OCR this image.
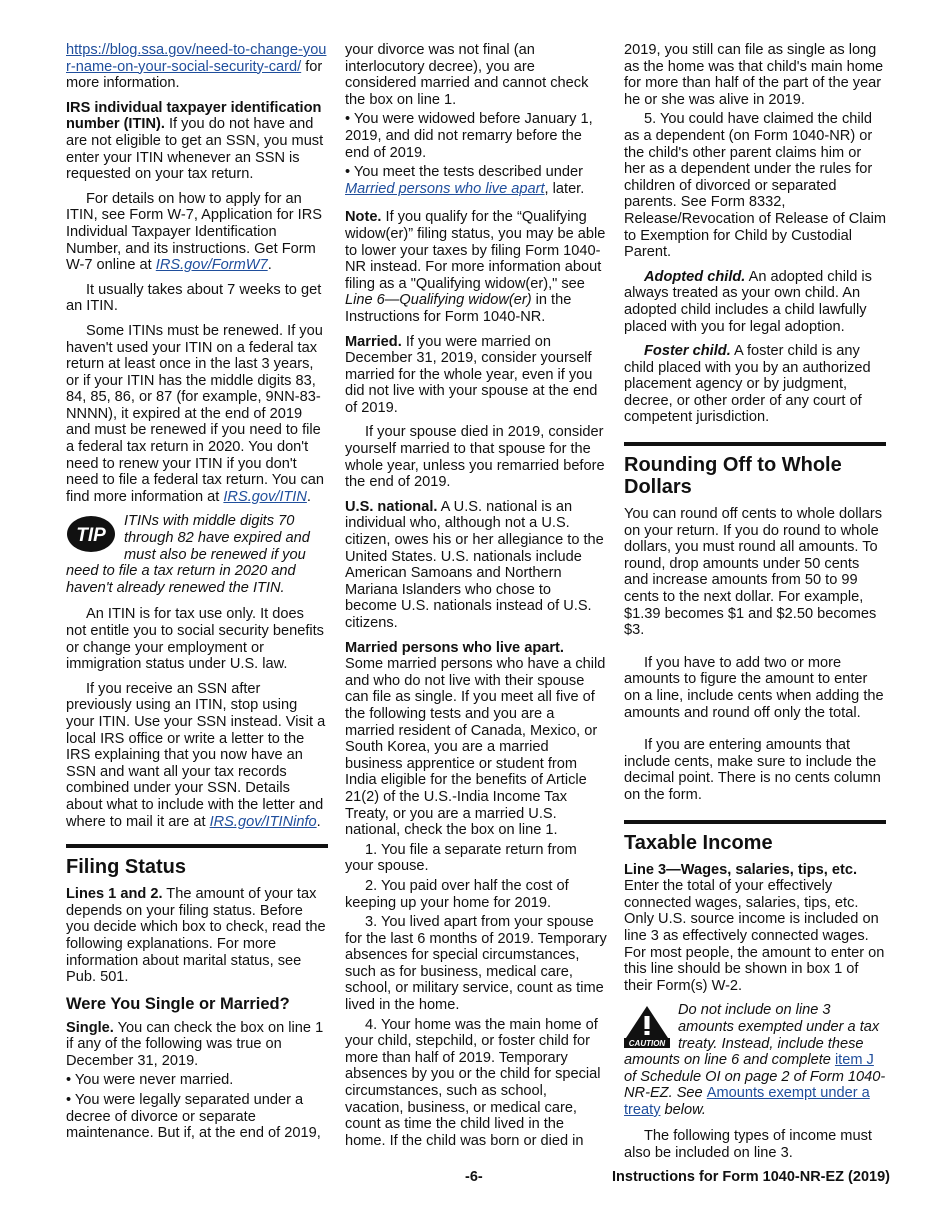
https://blog.ssa.gov/need-to-change-your-name-on-your-social-security-card/ for more information.

IRS individual taxpayer identification number (ITIN). If you do not have and are not eligible to get an SSN, you must enter your ITIN whenever an SSN is requested on your tax return.

For details on how to apply for an ITIN, see Form W-7, Application for IRS Individual Taxpayer Identification Number, and its instructions. Get Form W-7 online at IRS.gov/FormW7.

It usually takes about 7 weeks to get an ITIN.

Some ITINs must be renewed. If you haven't used your ITIN on a federal tax return at least once in the last 3 years, or if your ITIN has the middle digits 83, 84, 85, 86, or 87 (for example, 9NN-83-NNNN), it expired at the end of 2019 and must be renewed if you need to file a federal tax return in 2020. You don't need to renew your ITIN if you don't need to file a federal tax return. You can find more information at IRS.gov/ITIN.

TIP
ITINs with middle digits 70 through 82 have expired and must also be renewed if you need to file a tax return in 2020 and haven't already renewed the ITIN.

An ITIN is for tax use only. It does not entitle you to social security benefits or change your employment or immigration status under U.S. law.

If you receive an SSN after previously using an ITIN, stop using your ITIN. Use your SSN instead. Visit a local IRS office or write a letter to the IRS explaining that you now have an SSN and want all your tax records combined under your SSN. Details about what to include with the letter and where to mail it are at IRS.gov/ITINinfo.

Filing Status

Lines 1 and 2. The amount of your tax depends on your filing status. Before you decide which box to check, read the following explanations. For more information about marital status, see Pub. 501.

Were You Single or Married?

Single. You can check the box on line 1 if any of the following was true on December 31, 2019.

• You were never married.

• You were legally separated under a decree of divorce or separate maintenance. But if, at the end of 2019,

your divorce was not final (an interlocutory decree), you are considered married and cannot check the box on line 1.

• You were widowed before January 1, 2019, and did not remarry before the end of 2019.

• You meet the tests described under Married persons who live apart, later.

Note. If you qualify for the “Qualifying widow(er)” filing status, you may be able to lower your taxes by filing Form 1040-NR instead. For more information about filing as a "Qualifying widow(er)," see Line 6—Qualifying widow(er) in the Instructions for Form 1040-NR.

Married. If you were married on December 31, 2019, consider yourself married for the whole year, even if you did not live with your spouse at the end of 2019.

If your spouse died in 2019, consider yourself married to that spouse for the whole year, unless you remarried before the end of 2019.

U.S. national. A U.S. national is an individual who, although not a U.S. citizen, owes his or her allegiance to the United States. U.S. nationals include American Samoans and Northern Mariana Islanders who chose to become U.S. nationals instead of U.S. citizens.

Married persons who live apart.
Some married persons who have a child and who do not live with their spouse can file as single. If you meet all five of the following tests and you are a married resident of Canada, Mexico, or South Korea, you are a married business apprentice or student from India eligible for the benefits of Article 21(2) of the U.S.-India Income Tax Treaty, or you are a married U.S. national, check the box on line 1.

1. You file a separate return from your spouse.

2. You paid over half the cost of keeping up your home for 2019.

3. You lived apart from your spouse for the last 6 months of 2019. Temporary absences for special circumstances, such as for business, medical care, school, or military service, count as time lived in the home.

4. Your home was the main home of your child, stepchild, or foster child for more than half of 2019. Temporary absences by you or the child for special circumstances, such as school, vacation, business, or medical care, count as time the child lived in the home. If the child was born or died in

2019, you still can file as single as long as the home was that child's main home for more than half of the part of the year he or she was alive in 2019.

5. You could have claimed the child as a dependent (on Form 1040-NR) or the child's other parent claims him or her as a dependent under the rules for children of divorced or separated parents. See Form 8332, Release/Revocation of Release of Claim to Exemption for Child by Custodial Parent.

Adopted child. An adopted child is always treated as your own child. An adopted child includes a child lawfully placed with you for legal adoption.

Foster child. A foster child is any child placed with you by an authorized placement agency or by judgment, decree, or other order of any court of competent jurisdiction.

Rounding Off to Whole Dollars

You can round off cents to whole dollars on your return. If you do round to whole dollars, you must round all amounts. To round, drop amounts under 50 cents and increase amounts from 50 to 99 cents to the next dollar. For example, $1.39 becomes $1 and $2.50 becomes $3.

If you have to add two or more amounts to figure the amount to enter on a line, include cents when adding the amounts and round off only the total.

If you are entering amounts that include cents, make sure to include the decimal point. There is no cents column on the form.

Taxable Income

Line 3—Wages, salaries, tips, etc.
Enter the total of your effectively connected wages, salaries, tips, etc. Only U.S. source income is included on line 3 as effectively connected wages. For most people, the amount to enter on this line should be shown in box 1 of their Form(s) W-2.

CAUTION
Do not include on line 3 amounts exempted under a tax treaty. Instead, include these amounts on line 6 and complete item J of Schedule OI on page 2 of Form 1040-NR-EZ. See Amounts exempt under a treaty below.

The following types of income must also be included on line 3.

-6-	Instructions for Form 1040-NR-EZ (2019)
